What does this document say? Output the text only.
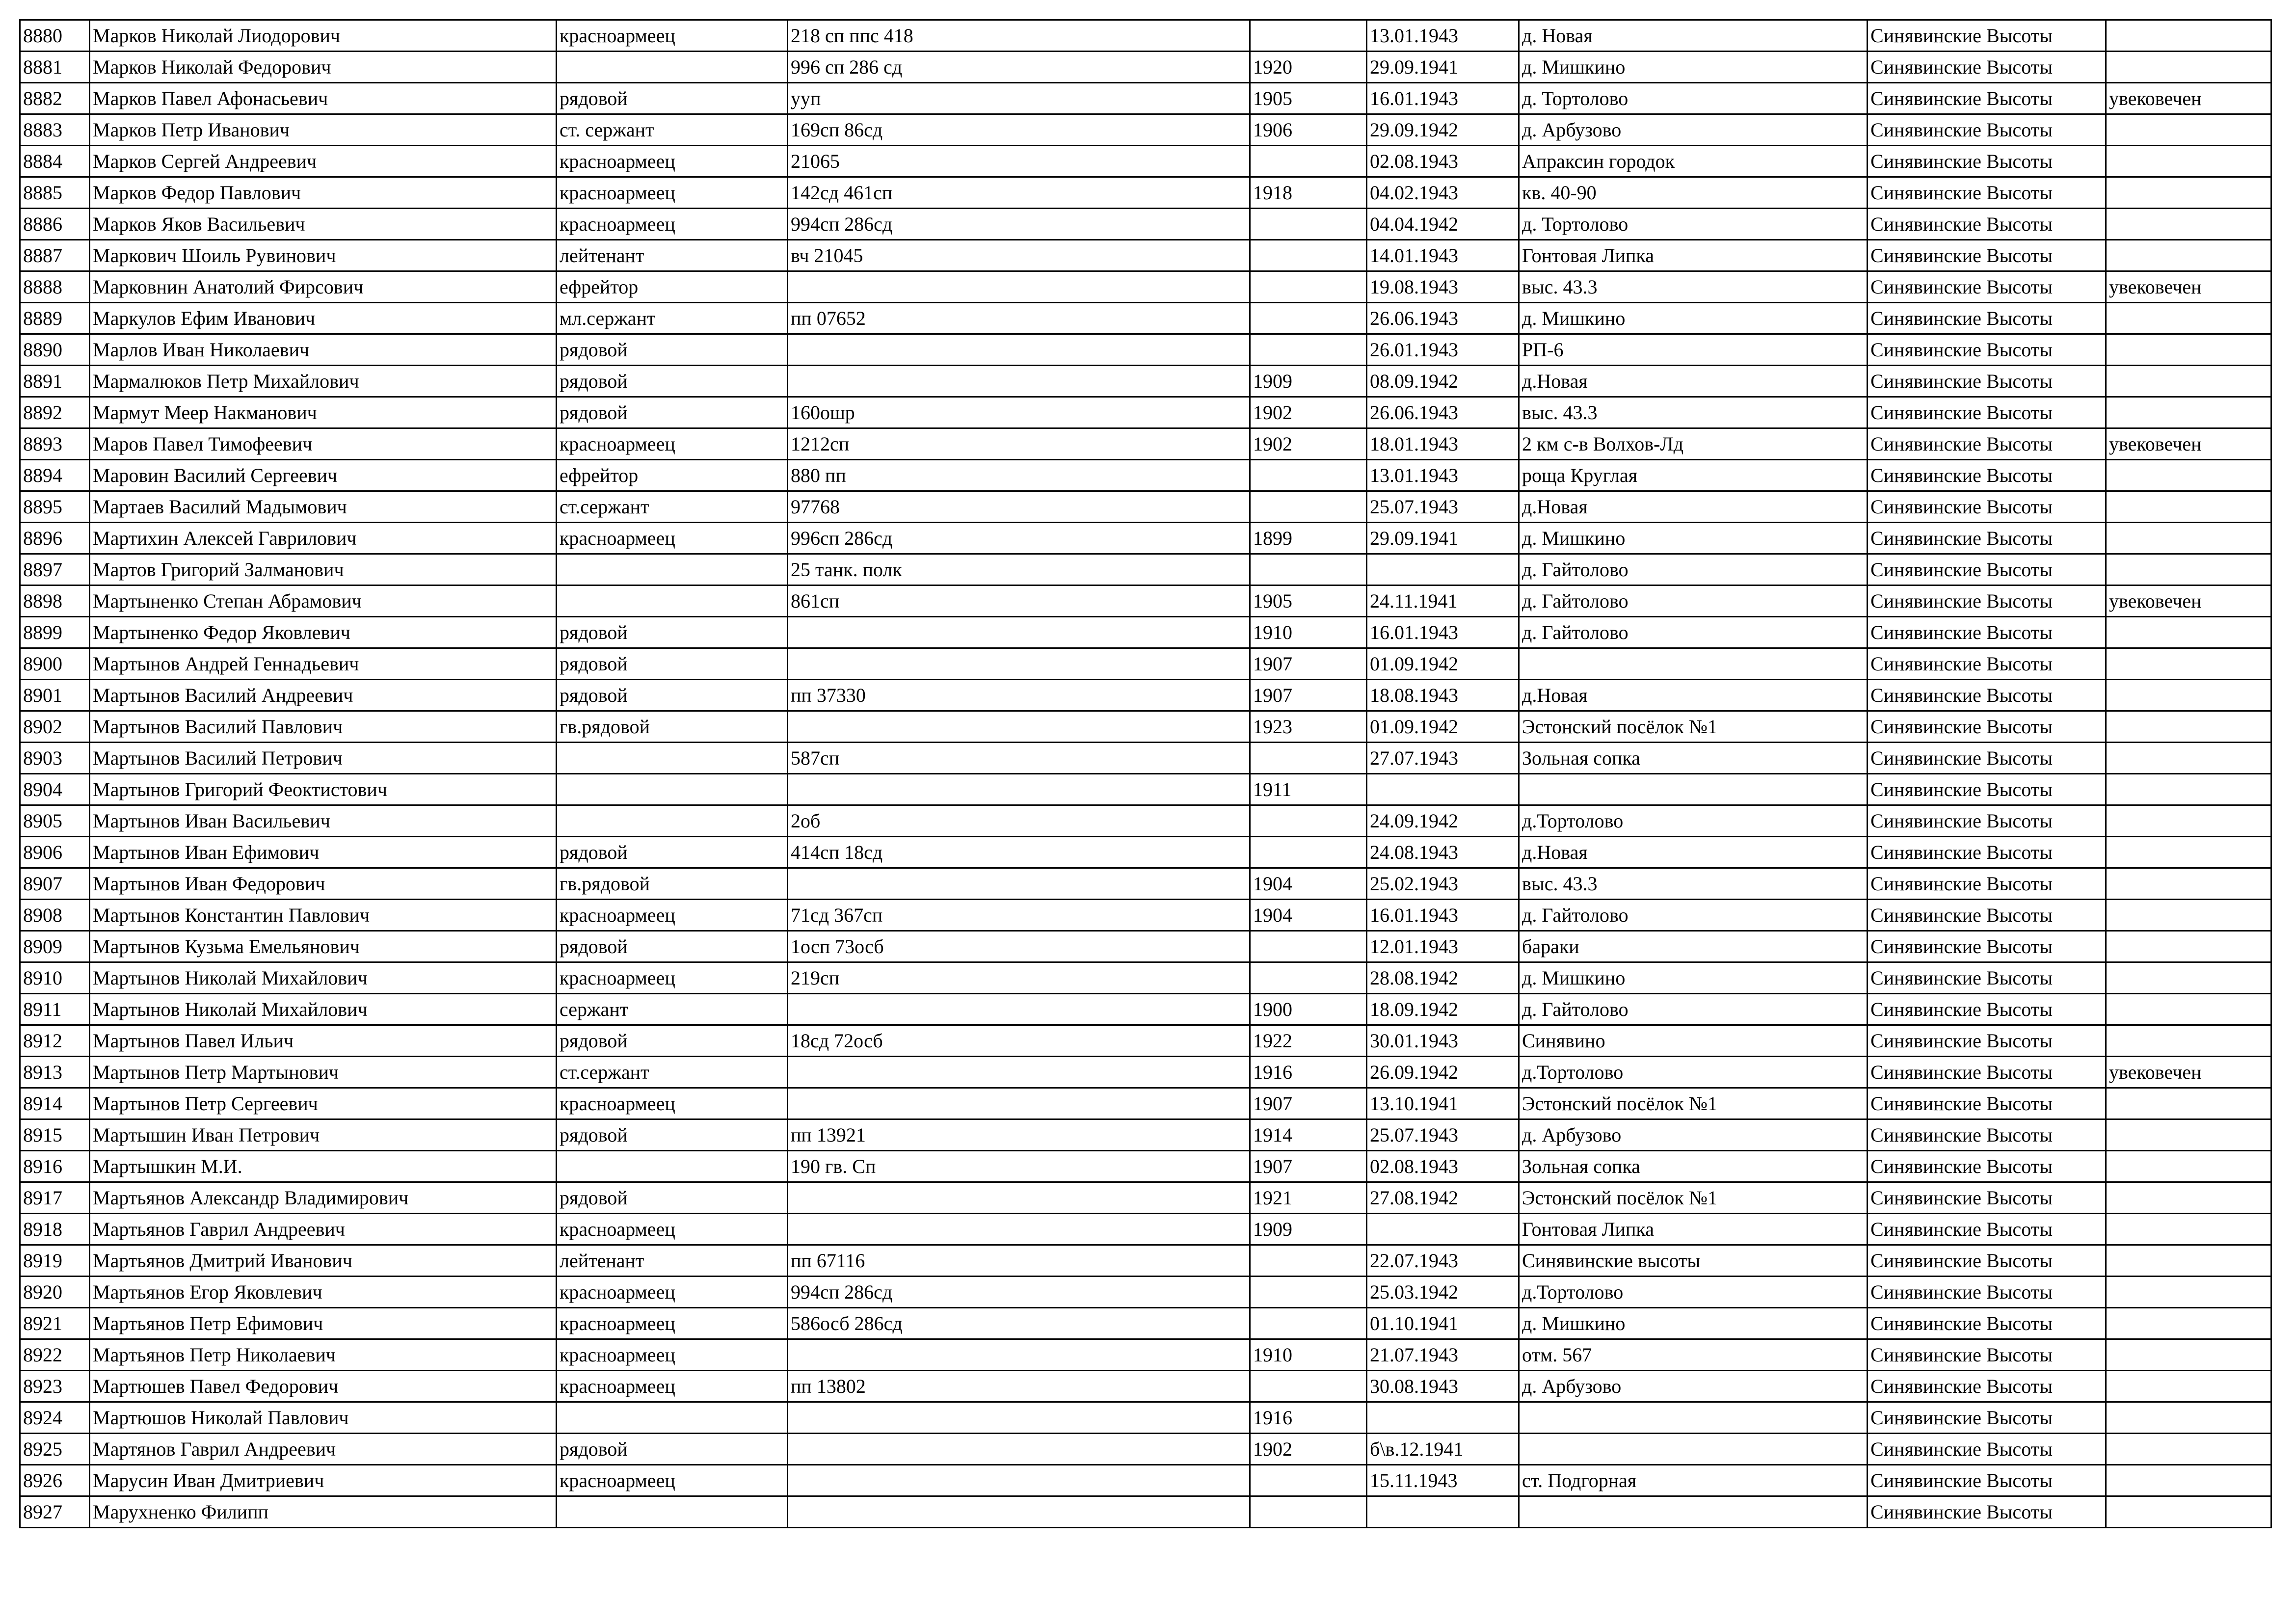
8880	Марков Николай Лиодорович	красноармеец	218 сп ппс 418		13.01.1943	д. Новая	Синявинские Высоты	
8881	Марков Николай Федорович		996 сп 286 сд	1920	29.09.1941	д. Мишкино	Синявинские Высоты	
8882	Марков Павел Афонасьевич	рядовой	ууп	1905	16.01.1943	д. Тортолово	Синявинские Высоты	увековечен
8883	Марков Петр Иванович	ст. сержант	169сп 86сд	1906	29.09.1942	д. Арбузово	Синявинские Высоты	
8884	Марков Сергей Андреевич	красноармеец	21065		02.08.1943	Апраксин городок	Синявинские Высоты	
8885	Марков Федор Павлович	красноармеец	142сд 461сп	1918	04.02.1943	кв. 40-90	Синявинские Высоты	
8886	Марков Яков Васильевич	красноармеец	994сп 286сд		04.04.1942	д. Тортолово	Синявинские Высоты	
8887	Маркович Шоиль Рувинович	лейтенант	вч 21045		14.01.1943	Гонтовая Липка	Синявинские Высоты	
8888	Марковнин Анатолий Фирсович	ефрейтор			19.08.1943	выс. 43.3	Синявинские Высоты	увековечен
8889	Маркулов Ефим Иванович	мл.сержант	пп 07652		26.06.1943	д. Мишкино	Синявинские Высоты	
8890	Марлов Иван Николаевич	рядовой			26.01.1943	РП-6	Синявинские Высоты	
8891	Мармалюков Петр Михайлович	рядовой		1909	08.09.1942	д.Новая	Синявинские Высоты	
8892	Мармут Меер Накманович	рядовой	160ошр	1902	26.06.1943	выс. 43.3	Синявинские Высоты	
8893	Маров Павел Тимофеевич	красноармеец	1212сп	1902	18.01.1943	2 км с-в Волхов-Лд	Синявинские Высоты	увековечен
8894	Маровин Василий Сергеевич	ефрейтор	880 пп		13.01.1943	роща Круглая	Синявинские Высоты	
8895	Мартаев Василий Мадымович	ст.сержант	97768		25.07.1943	д.Новая	Синявинские Высоты	
8896	Мартихин Алексей Гаврилович	красноармеец	996сп 286сд	1899	29.09.1941	д. Мишкино	Синявинские Высоты	
8897	Мартов Григорий Залманович		25 танк. полк			д. Гайтолово	Синявинские Высоты	
8898	Мартыненко Степан Абрамович		861сп	1905	24.11.1941	д. Гайтолово	Синявинские Высоты	увековечен
8899	Мартыненко Федор Яковлевич	рядовой		1910	16.01.1943	д. Гайтолово	Синявинские Высоты	
8900	Мартынов Андрей Геннадьевич	рядовой		1907	01.09.1942		Синявинские Высоты	
8901	Мартынов Василий Андреевич	рядовой	пп 37330	1907	18.08.1943	д.Новая	Синявинские Высоты	
8902	Мартынов Василий Павлович	гв.рядовой		1923	01.09.1942	Эстонский посёлок №1	Синявинские Высоты	
8903	Мартынов Василий Петрович		587сп		27.07.1943	Зольная сопка	Синявинские Высоты	
8904	Мартынов Григорий Феоктистович			1911			Синявинские Высоты	
8905	Мартынов Иван Васильевич		2об		24.09.1942	д.Тортолово	Синявинские Высоты	
8906	Мартынов Иван Ефимович	рядовой	414сп 18сд		24.08.1943	д.Новая	Синявинские Высоты	
8907	Мартынов Иван Федорович	гв.рядовой		1904	25.02.1943	выс. 43.3	Синявинские Высоты	
8908	Мартынов Константин Павлович	красноармеец	71сд 367сп	1904	16.01.1943	д. Гайтолово	Синявинские Высоты	
8909	Мартынов Кузьма Емельянович	рядовой	1осп 73осб		12.01.1943	бараки	Синявинские Высоты	
8910	Мартынов Николай Михайлович	красноармеец	219сп		28.08.1942	д. Мишкино	Синявинские Высоты	
8911	Мартынов Николай Михайлович	сержант		1900	18.09.1942	д. Гайтолово	Синявинские Высоты	
8912	Мартынов Павел Ильич	рядовой	18сд 72осб	1922	30.01.1943	Синявино	Синявинские Высоты	
8913	Мартынов Петр Мартынович	ст.сержант		1916	26.09.1942	д.Тортолово	Синявинские Высоты	увековечен
8914	Мартынов Петр Сергеевич	красноармеец		1907	13.10.1941	Эстонский посёлок №1	Синявинские Высоты	
8915	Мартышин Иван Петрович	рядовой	пп 13921	1914	25.07.1943	д. Арбузово	Синявинские Высоты	
8916	Мартышкин М.И.		190 гв. Сп	1907	02.08.1943	Зольная сопка	Синявинские Высоты	
8917	Мартьянов Александр Владимирович	рядовой		1921	27.08.1942	Эстонский посёлок №1	Синявинские Высоты	
8918	Мартьянов Гаврил Андреевич	красноармеец		1909		Гонтовая Липка	Синявинские Высоты	
8919	Мартьянов Дмитрий Иванович	лейтенант	пп 67116		22.07.1943	Синявинские высоты	Синявинские Высоты	
8920	Мартьянов Егор Яковлевич	красноармеец	994сп 286сд		25.03.1942	д.Тортолово	Синявинские Высоты	
8921	Мартьянов Петр Ефимович	красноармеец	586осб 286сд		01.10.1941	д. Мишкино	Синявинские Высоты	
8922	Мартьянов Петр Николаевич	красноармеец		1910	21.07.1943	отм. 567	Синявинские Высоты	
8923	Мартюшев Павел Федорович	красноармеец	пп 13802		30.08.1943	д. Арбузово	Синявинские Высоты	
8924	Мартюшов Николай Павлович			1916			Синявинские Высоты	
8925	Мартянов Гаврил Андреевич	рядовой		1902	б\в.12.1941		Синявинские Высоты	
8926	Марусин Иван Дмитриевич	красноармеец			15.11.1943	ст. Подгорная	Синявинские Высоты	
8927	Марухненко Филипп						Синявинские Высоты	
